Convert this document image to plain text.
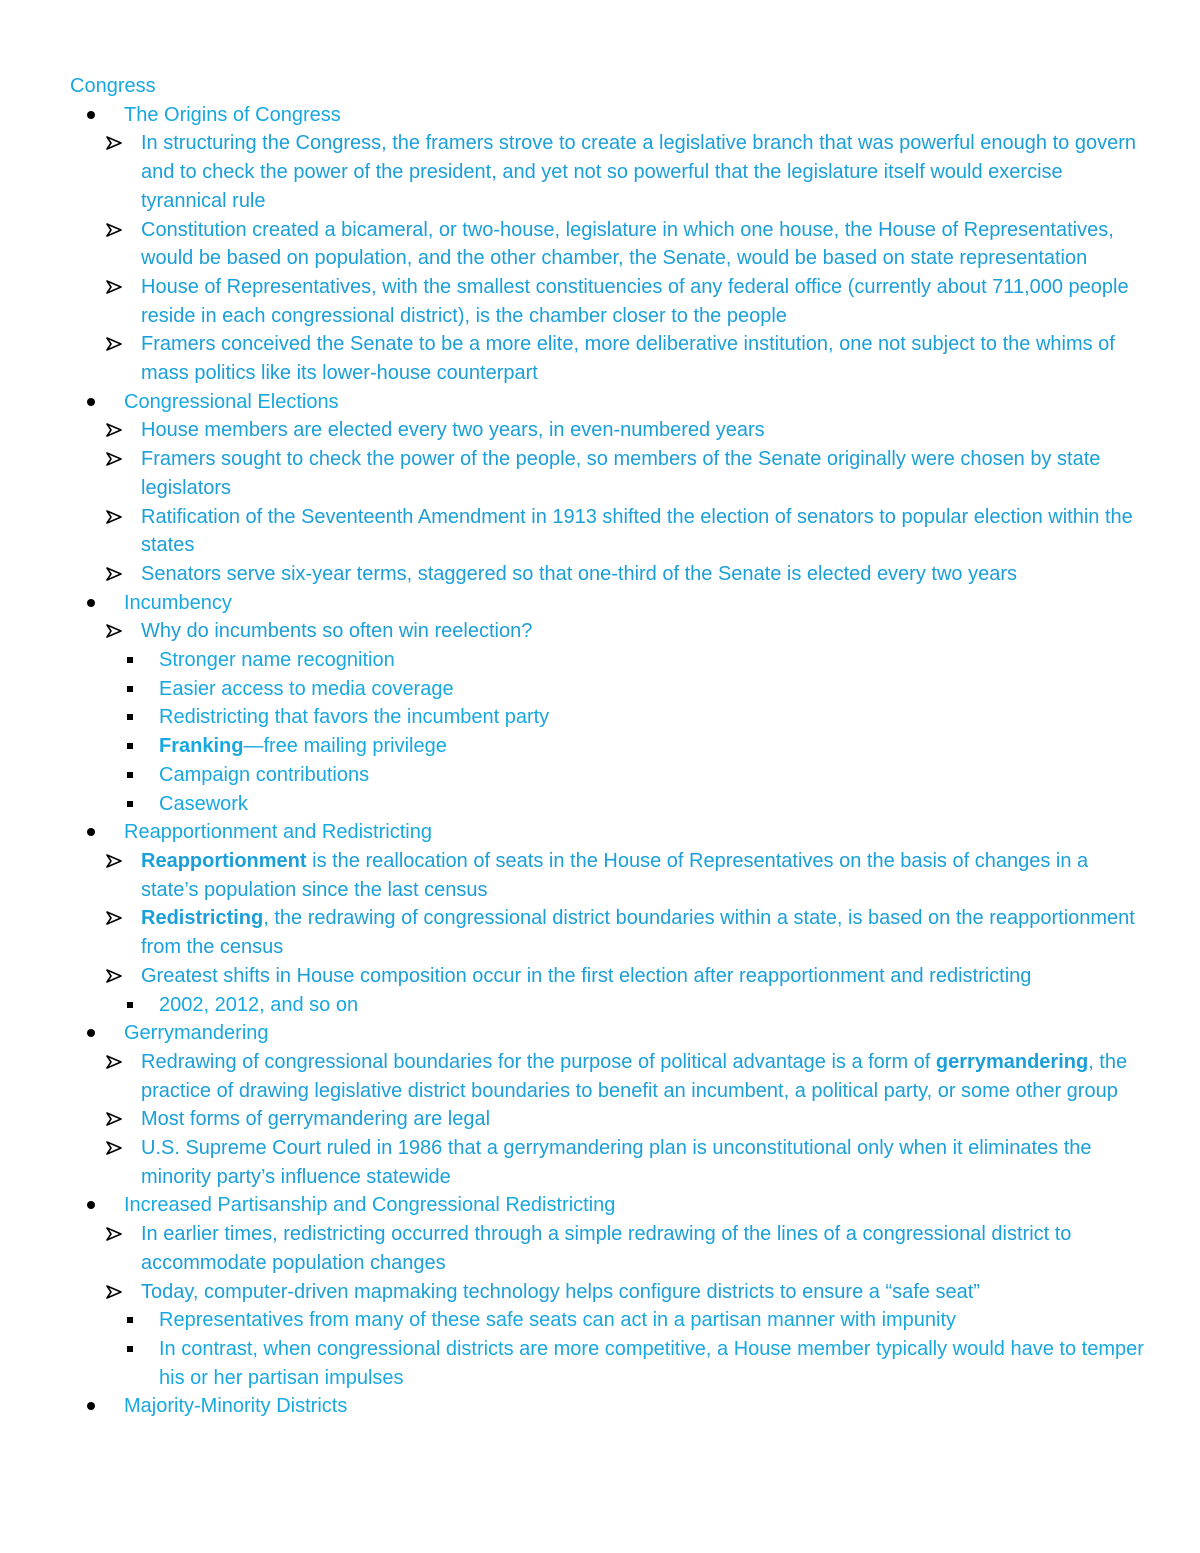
Congress
The Origins of Congress
In structuring the Congress, the framers strove to create a legislative branch that was powerful enough to govern and to check the power of the president, and yet not so powerful that the legislature itself would exercise tyrannical rule
Constitution created a bicameral, or two-house, legislature in which one house, the House of Representatives, would be based on population, and the other chamber, the Senate, would be based on state representation
House of Representatives, with the smallest constituencies of any federal office (currently about 711,000 people reside in each congressional district), is the chamber closer to the people
Framers conceived the Senate to be a more elite, more deliberative institution, one not subject to the whims of mass politics like its lower-house counterpart
Congressional Elections
House members are elected every two years, in even-numbered years
Framers sought to check the power of the people, so members of the Senate originally were chosen by state legislators
Ratification of the Seventeenth Amendment in 1913 shifted the election of senators to popular election within the states
Senators serve six-year terms, staggered so that one-third of the Senate is elected every two years
Incumbency
Why do incumbents so often win reelection?
Stronger name recognition
Easier access to media coverage
Redistricting that favors the incumbent party
Franking—free mailing privilege
Campaign contributions
Casework
Reapportionment and Redistricting
Reapportionment is the reallocation of seats in the House of Representatives on the basis of changes in a state’s population since the last census
Redistricting, the redrawing of congressional district boundaries within a state, is based on the reapportionment from the census
Greatest shifts in House composition occur in the first election after reapportionment and redistricting
2002, 2012, and so on
Gerrymandering
Redrawing of congressional boundaries for the purpose of political advantage is a form of gerrymandering, the practice of drawing legislative district boundaries to benefit an incumbent, a political party, or some other group
Most forms of gerrymandering are legal
U.S. Supreme Court ruled in 1986 that a gerrymandering plan is unconstitutional only when it eliminates the minority party’s influence statewide
Increased Partisanship and Congressional Redistricting
In earlier times, redistricting occurred through a simple redrawing of the lines of a congressional district to accommodate population changes
Today, computer-driven mapmaking technology helps configure districts to ensure a “safe seat”
Representatives from many of these safe seats can act in a partisan manner with impunity
In contrast, when congressional districts are more competitive, a House member typically would have to temper his or her partisan impulses
Majority-Minority Districts
